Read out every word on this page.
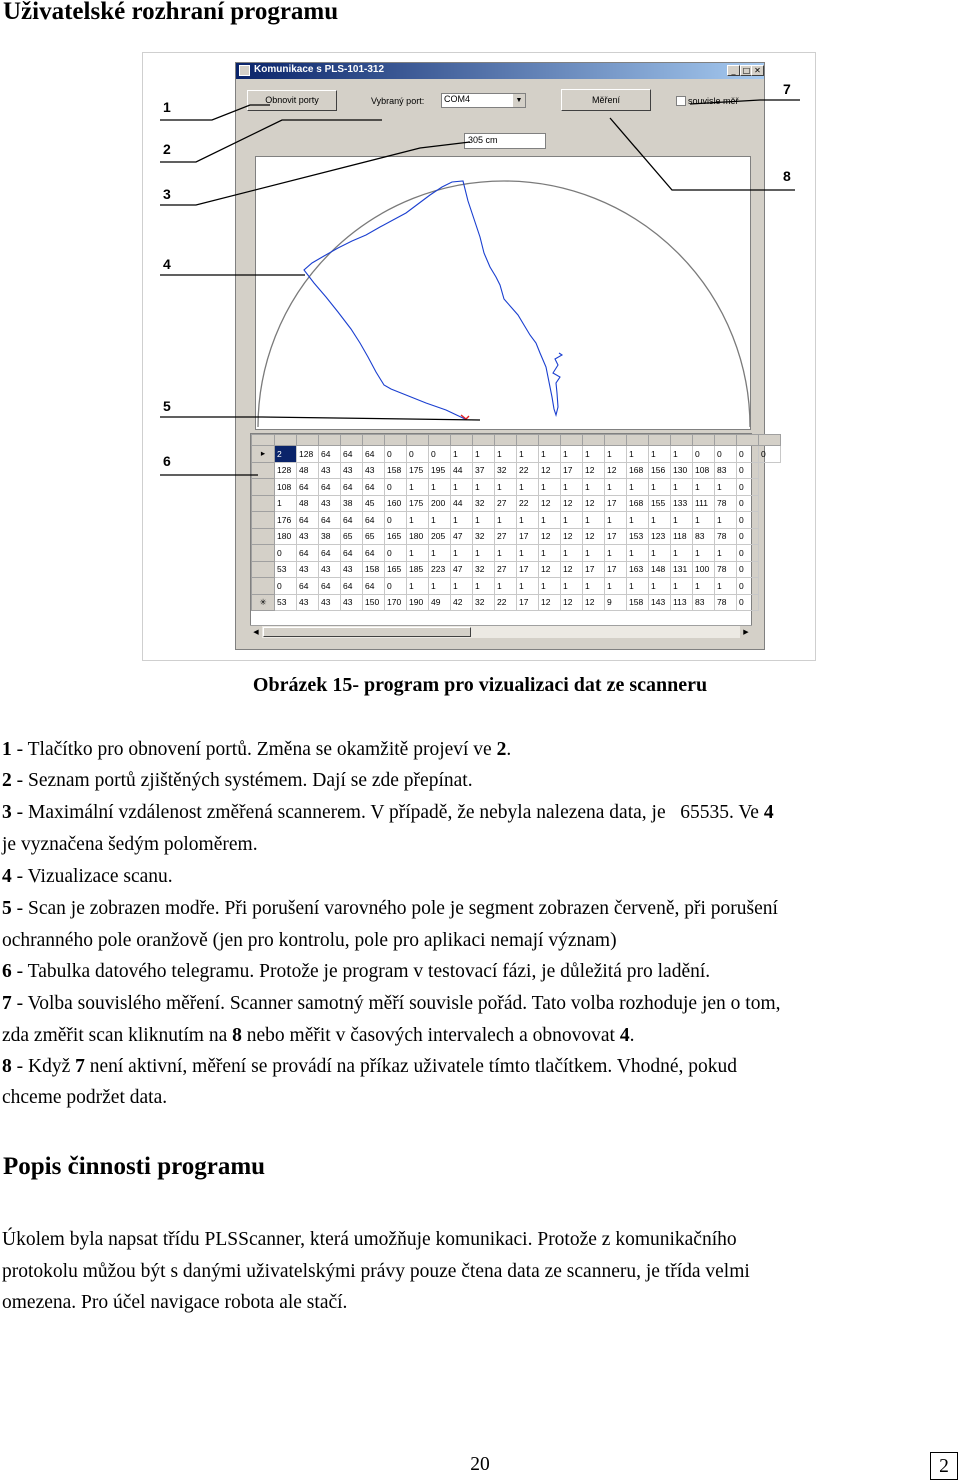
Uživatelské rozhraní programu
Komunikace s PLS-101-312	_ □ ✕
Obnovit porty	Vybraný port:	COM4	▼	Měření	souvisle měř
305 cm

▸	2	128	64	64	64	0	0	0	1	1	1	1	1	1	1	1	1	1	1	0	0	0	0
	128	48	43	43	43	158	175	195	44	37	32	22	12	17	12	12	168	156	130	108	83	0	
	108	64	64	64	64	0	1	1	1	1	1	1	1	1	1	1	1	1	1	1	1	0	
	1	48	43	38	45	160	175	200	44	32	27	22	12	12	12	17	168	155	133	111	78	0	
	176	64	64	64	64	0	1	1	1	1	1	1	1	1	1	1	1	1	1	1	1	0	
	180	43	38	65	65	165	180	205	47	32	27	17	12	12	12	17	153	123	118	83	78	0	
	0	64	64	64	64	0	1	1	1	1	1	1	1	1	1	1	1	1	1	1	1	0	
	53	43	43	43	158	165	185	223	47	32	27	17	12	12	17	17	163	148	131	100	78	0	
	0	64	64	64	64	0	1	1	1	1	1	1	1	1	1	1	1	1	1	1	1	0	
✳	53	43	43	43	150	170	190	49	42	32	22	17	12	12	12	9	158	143	113	83	78	0	
◀	▶
1
2
3
4
5
6
7
8
Obrázek 15- program pro vizualizaci dat ze scanneru
1 - Tlačítko pro obnovení portů. Změna se okamžitě projeví ve 2.
2 - Seznam portů zjištěných systémem. Dají se zde přepínat.
3 - Maximální vzdálenost změřená scannerem. V případě, že nebyla nalezena data, je   65535. Ve 4
je vyznačena šedým poloměrem.
4 - Vizualizace scanu.
5 - Scan je zobrazen modře. Při porušení varovného pole je segment zobrazen červeně, při porušení
ochranného pole oranžově (jen pro kontrolu, pole pro aplikaci nemají význam)
6 - Tabulka datového telegramu. Protože je program v testovací fázi, je důležitá pro ladění.
7 - Volba souvislého měření. Scanner samotný měří souvisle pořád. Tato volba rozhoduje jen o tom,
zda změřit scan kliknutím na 8 nebo měřit v časových intervalech a obnovovat 4.
8 - Když 7 není aktivní, měření se provádí na příkaz uživatele tímto tlačítkem. Vhodné, pokud
chceme podržet data.
Popis činnosti programu
Úkolem byla napsat třídu PLSScanner, která umožňuje komunikaci. Protože z komunikačního
protokolu můžou být s danými uživatelskými právy pouze čtena data ze scanneru, je třída velmi
omezena. Pro účel navigace robota ale stačí.
20	2
